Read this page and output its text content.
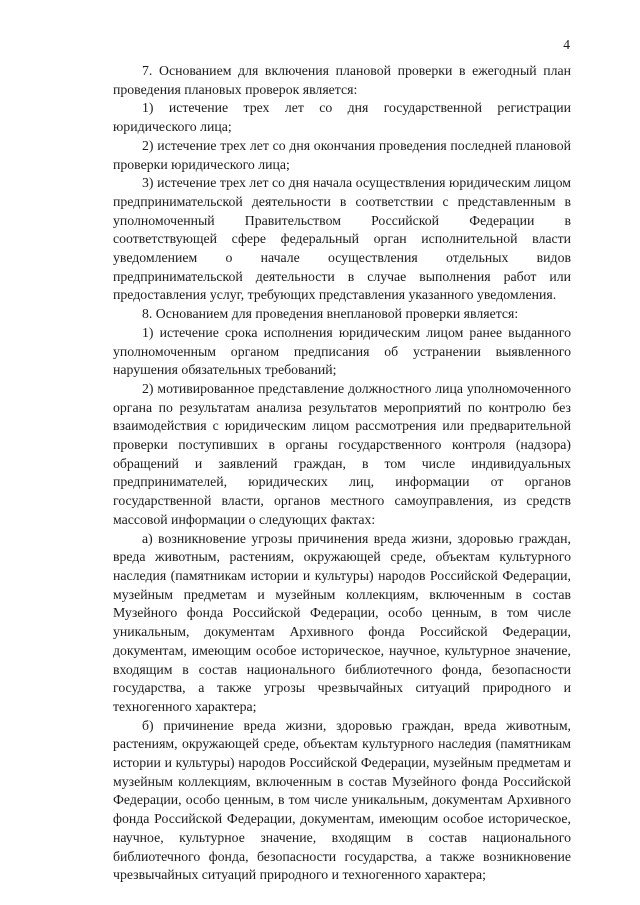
4

7. Основанием для включения плановой проверки в ежегодный план проведения плановых проверок является:

1) истечение трех лет со дня государственной регистрации юридического лица;

2) истечение трех лет со дня окончания проведения последней плановой проверки юридического лица;

3) истечение трех лет со дня начала осуществления юридическим лицом предпринимательской деятельности в соответствии с представленным в уполномоченный Правительством Российской Федерации в соответствующей сфере федеральный орган исполнительной власти уведомлением о начале осуществления отдельных видов предпринимательской деятельности в случае выполнения работ или предоставления услуг, требующих представления указанного уведомления.

8. Основанием для проведения внеплановой проверки является:

1) истечение срока исполнения юридическим лицом ранее выданного уполномоченным органом предписания об устранении выявленного нарушения обязательных требований;

2) мотивированное представление должностного лица уполномоченного органа по результатам анализа результатов мероприятий по контролю без взаимодействия с юридическим лицом рассмотрения или предварительной проверки поступивших в органы государственного контроля (надзора) обращений и заявлений граждан, в том числе индивидуальных предпринимателей, юридических лиц, информации от органов государственной власти, органов местного самоуправления, из средств массовой информации о следующих фактах:

а) возникновение угрозы причинения вреда жизни, здоровью граждан, вреда животным, растениям, окружающей среде, объектам культурного наследия (памятникам истории и культуры) народов Российской Федерации, музейным предметам и музейным коллекциям, включенным в состав Музейного фонда Российской Федерации, особо ценным, в том числе уникальным, документам Архивного фонда Российской Федерации, документам, имеющим особое историческое, научное, культурное значение, входящим в состав национального библиотечного фонда, безопасности государства, а также угрозы чрезвычайных ситуаций природного и техногенного характера;

б) причинение вреда жизни, здоровью граждан, вреда животным, растениям, окружающей среде, объектам культурного наследия (памятникам истории и культуры) народов Российской Федерации, музейным предметам и музейным коллекциям, включенным в состав Музейного фонда Российской Федерации, особо ценным, в том числе уникальным, документам Архивного фонда Российской Федерации, документам, имеющим особое историческое, научное, культурное значение, входящим в состав национального библиотечного фонда, безопасности государства, а также возникновение чрезвычайных ситуаций природного и техногенного характера;
